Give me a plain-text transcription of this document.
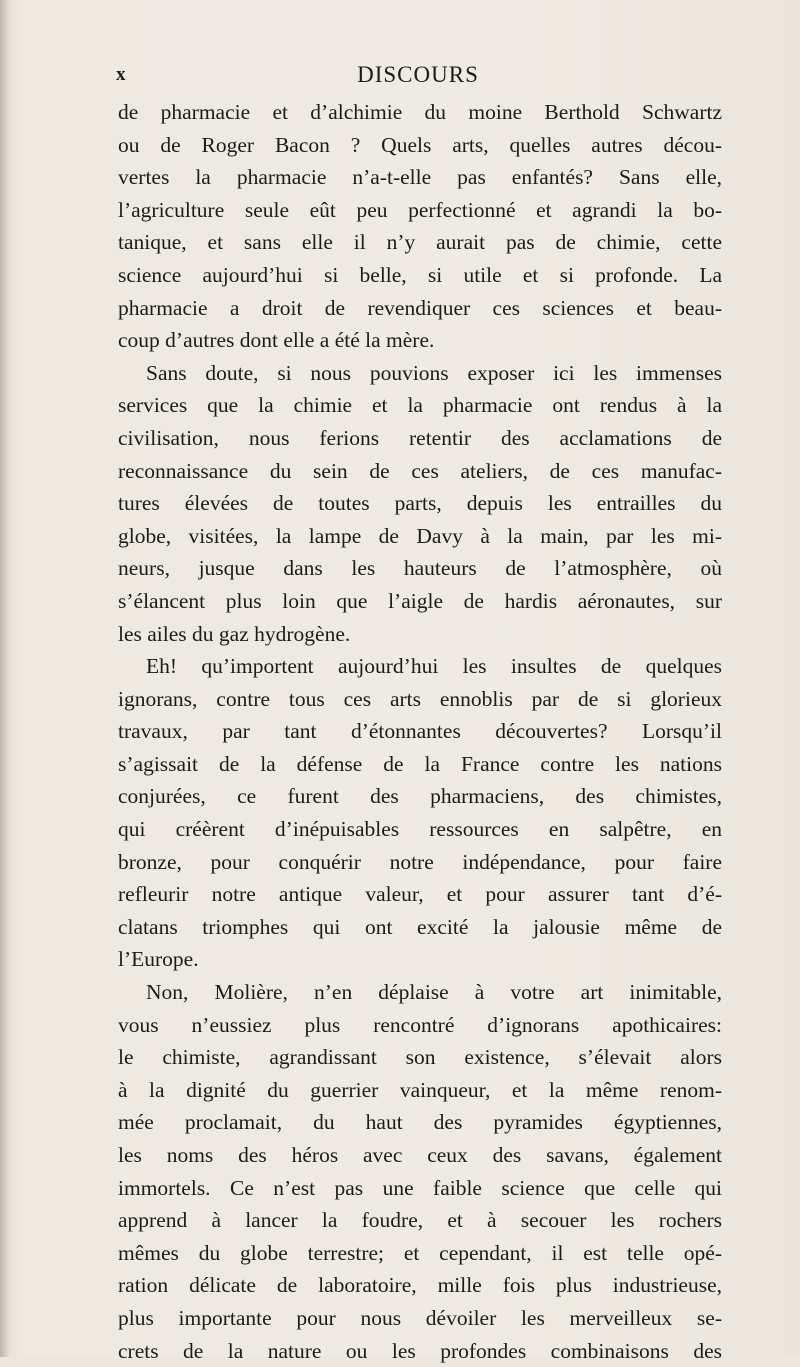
x	DISCOURS
de pharmacie et d’alchimie du moine Berthold Schwartz
ou de Roger Bacon ? Quels arts, quelles autres décou-
vertes la pharmacie n’a-t-elle pas enfantés? Sans elle,
l’agriculture seule eût peu perfectionné et agrandi la bo-
tanique, et sans elle il n’y aurait pas de chimie, cette
science aujourd’hui si belle, si utile et si profonde. La
pharmacie a droit de revendiquer ces sciences et beau-
coup d’autres dont elle a été la mère.
Sans doute, si nous pouvions exposer ici les immenses
services que la chimie et la pharmacie ont rendus à la
civilisation, nous ferions retentir des acclamations de
reconnaissance du sein de ces ateliers, de ces manufac-
tures élevées de toutes parts, depuis les entrailles du
globe, visitées, la lampe de Davy à la main, par les mi-
neurs, jusque dans les hauteurs de l’atmosphère, où
s’élancent plus loin que l’aigle de hardis aéronautes, sur
les ailes du gaz hydrogène.
Eh! qu’importent aujourd’hui les insultes de quelques
ignorans, contre tous ces arts ennoblis par de si glorieux
travaux, par tant d’étonnantes découvertes? Lorsqu’il
s’agissait de la défense de la France contre les nations
conjurées, ce furent des pharmaciens, des chimistes,
qui créèrent d’inépuisables ressources en salpêtre, en
bronze, pour conquérir notre indépendance, pour faire
refleurir notre antique valeur, et pour assurer tant d’é-
clatans triomphes qui ont excité la jalousie même de
l’Europe.
Non, Molière, n’en déplaise à votre art inimitable,
vous n’eussiez plus rencontré d’ignorans apothicaires:
le chimiste, agrandissant son existence, s’élevait alors
à la dignité du guerrier vainqueur, et la même renom-
mée proclamait, du haut des pyramides égyptiennes,
les noms des héros avec ceux des savans, également
immortels. Ce n’est pas une faible science que celle qui
apprend à lancer la foudre, et à secouer les rochers
mêmes du globe terrestre; et cependant, il est telle opé-
ration délicate de laboratoire, mille fois plus industrieuse,
plus importante pour nous dévoiler les merveilleux se-
crets de la nature ou les profondes combinaisons des
